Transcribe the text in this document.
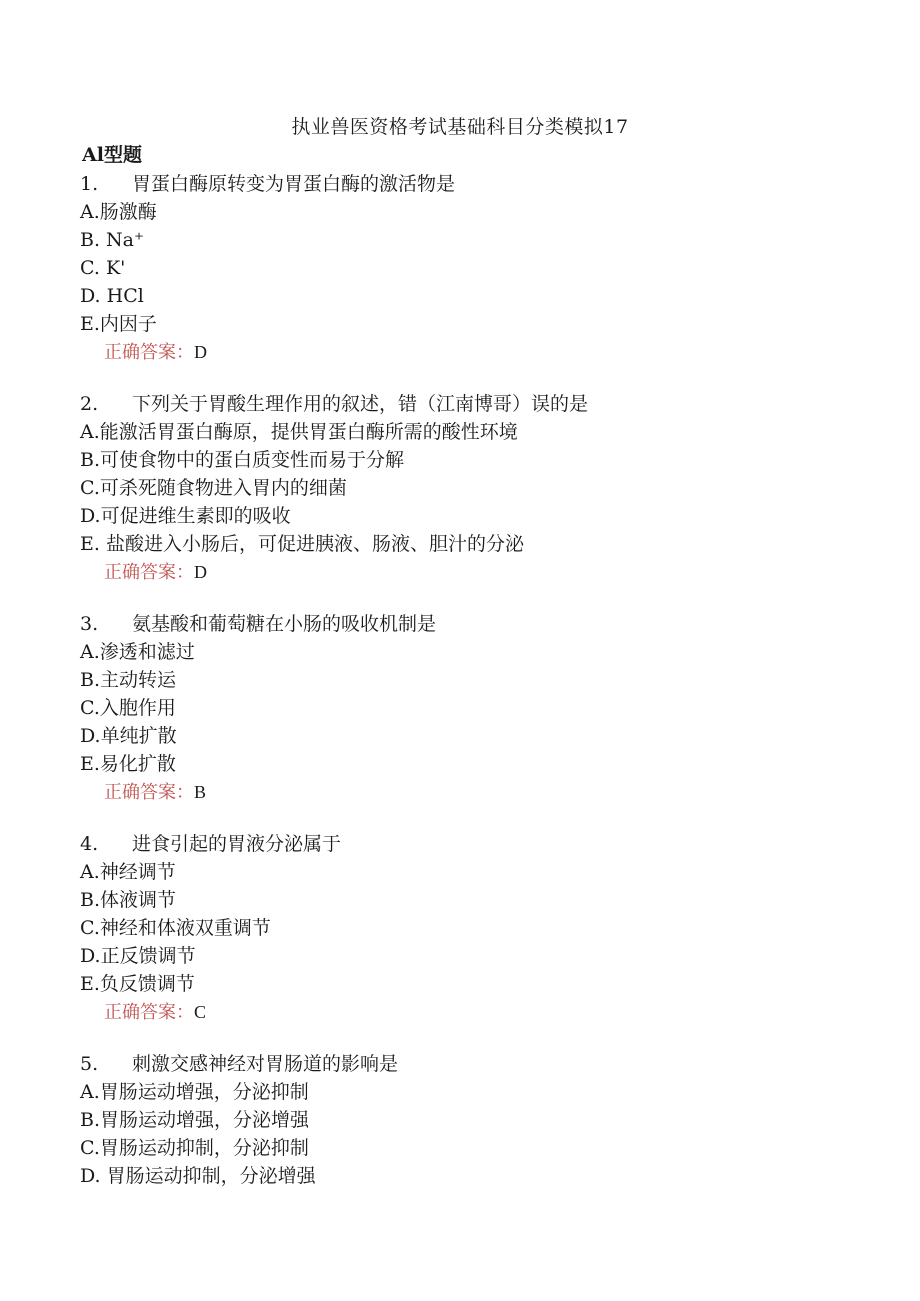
执业兽医资格考试基础科目分类模拟17
Al型题
1.	胃蛋白酶原转变为胃蛋白酶的激活物是
A.肠激酶
B. Na⁺
C. K'
D. HCl
E.内因子
正确答案：D
2.	下列关于胃酸生理作用的叙述，错（江南博哥）误的是
A.能激活胃蛋白酶原，提供胃蛋白酶所需的酸性环境
B.可使食物中的蛋白质变性而易于分解
C.可杀死随食物进入胃内的细菌
D.可促进维生素即的吸收
E. 盐酸进入小肠后，可促进胰液、肠液、胆汁的分泌
正确答案：D
3.	氨基酸和葡萄糖在小肠的吸收机制是
A.渗透和滤过
B.主动转运
C.入胞作用
D.单纯扩散
E.易化扩散
正确答案：B
4.	进食引起的胃液分泌属于
A.神经调节
B.体液调节
C.神经和体液双重调节
D.正反馈调节
E.负反馈调节
正确答案：C
5.	刺激交感神经对胃肠道的影响是
A.胃肠运动增强，分泌抑制
B.胃肠运动增强，分泌增强
C.胃肠运动抑制，分泌抑制
D. 胃肠运动抑制，分泌增强
